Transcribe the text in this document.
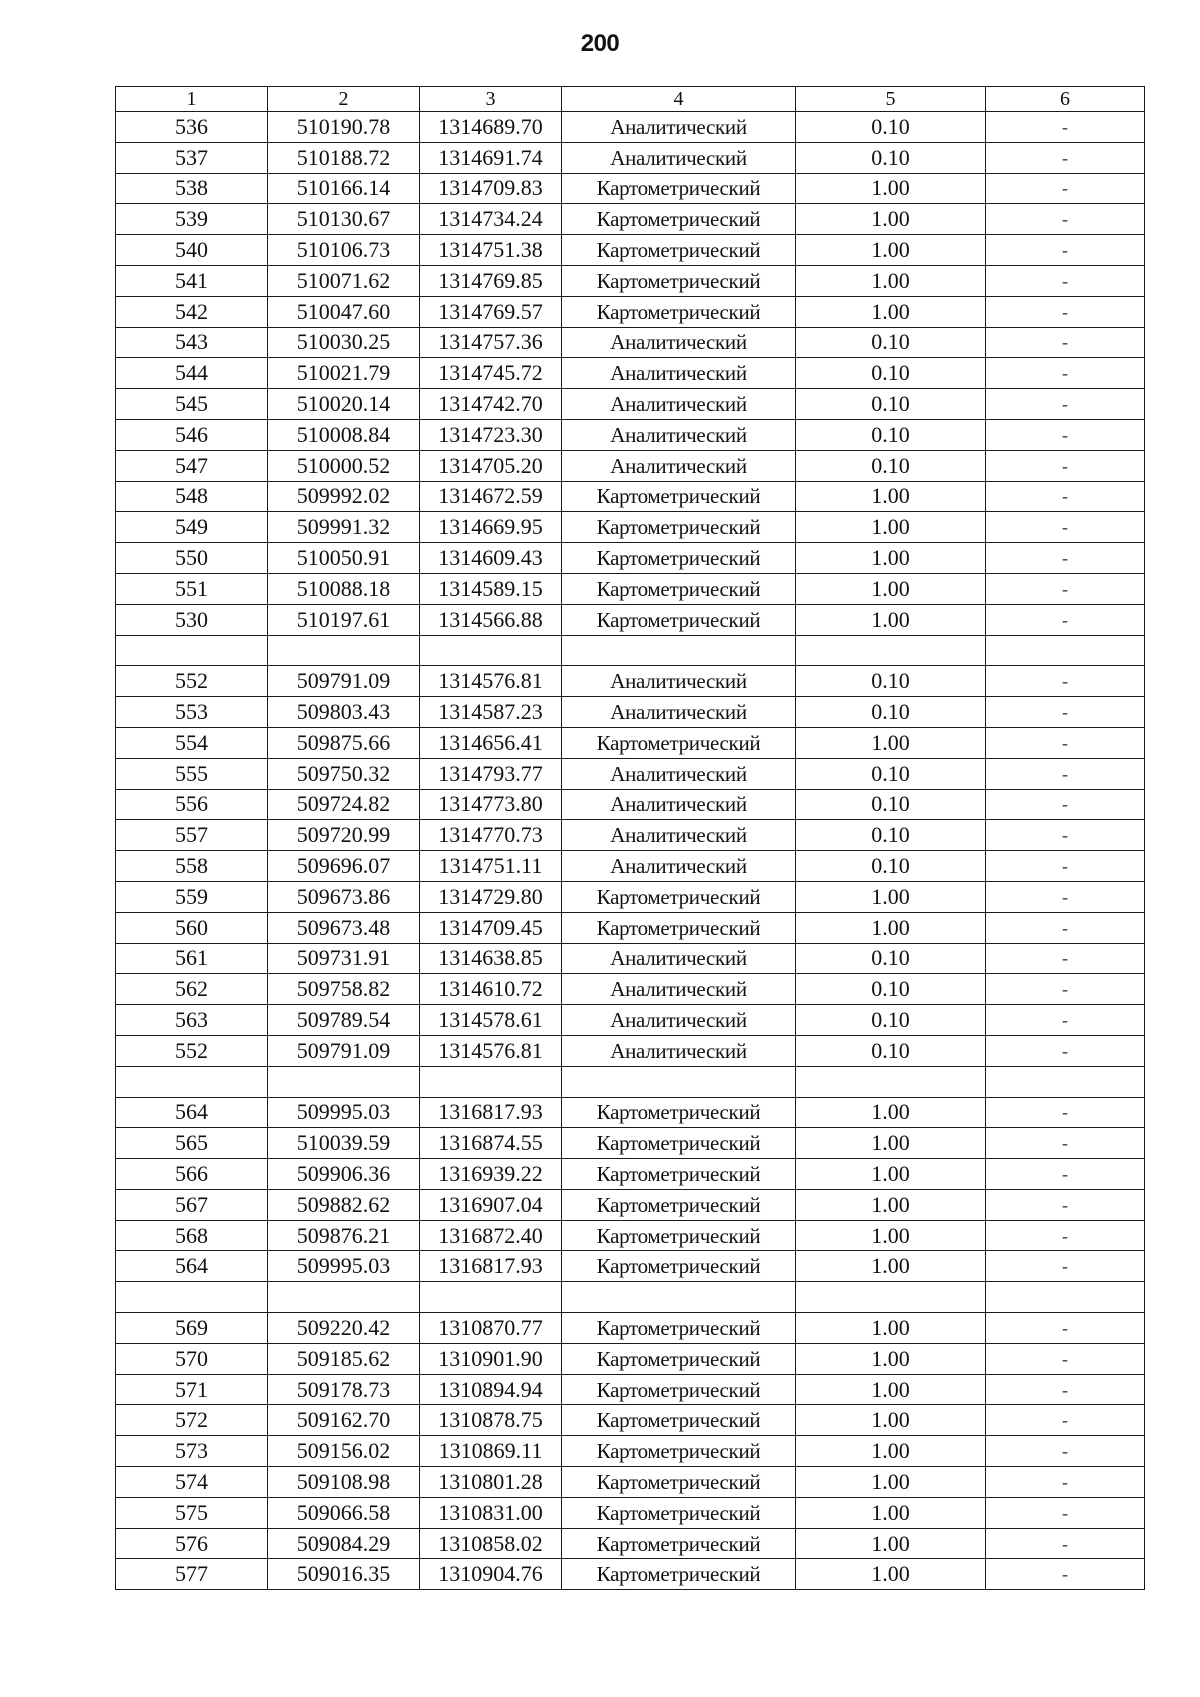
200
1	2	3	4	5	6
536	510190.78	1314689.70	Аналитический	0.10	-
537	510188.72	1314691.74	Аналитический	0.10	-
538	510166.14	1314709.83	Картометрический	1.00	-
539	510130.67	1314734.24	Картометрический	1.00	-
540	510106.73	1314751.38	Картометрический	1.00	-
541	510071.62	1314769.85	Картометрический	1.00	-
542	510047.60	1314769.57	Картометрический	1.00	-
543	510030.25	1314757.36	Аналитический	0.10	-
544	510021.79	1314745.72	Аналитический	0.10	-
545	510020.14	1314742.70	Аналитический	0.10	-
546	510008.84	1314723.30	Аналитический	0.10	-
547	510000.52	1314705.20	Аналитический	0.10	-
548	509992.02	1314672.59	Картометрический	1.00	-
549	509991.32	1314669.95	Картометрический	1.00	-
550	510050.91	1314609.43	Картометрический	1.00	-
551	510088.18	1314589.15	Картометрический	1.00	-
530	510197.61	1314566.88	Картометрический	1.00	-

552	509791.09	1314576.81	Аналитический	0.10	-
553	509803.43	1314587.23	Аналитический	0.10	-
554	509875.66	1314656.41	Картометрический	1.00	-
555	509750.32	1314793.77	Аналитический	0.10	-
556	509724.82	1314773.80	Аналитический	0.10	-
557	509720.99	1314770.73	Аналитический	0.10	-
558	509696.07	1314751.11	Аналитический	0.10	-
559	509673.86	1314729.80	Картометрический	1.00	-
560	509673.48	1314709.45	Картометрический	1.00	-
561	509731.91	1314638.85	Аналитический	0.10	-
562	509758.82	1314610.72	Аналитический	0.10	-
563	509789.54	1314578.61	Аналитический	0.10	-
552	509791.09	1314576.81	Аналитический	0.10	-

564	509995.03	1316817.93	Картометрический	1.00	-
565	510039.59	1316874.55	Картометрический	1.00	-
566	509906.36	1316939.22	Картометрический	1.00	-
567	509882.62	1316907.04	Картометрический	1.00	-
568	509876.21	1316872.40	Картометрический	1.00	-
564	509995.03	1316817.93	Картометрический	1.00	-

569	509220.42	1310870.77	Картометрический	1.00	-
570	509185.62	1310901.90	Картометрический	1.00	-
571	509178.73	1310894.94	Картометрический	1.00	-
572	509162.70	1310878.75	Картометрический	1.00	-
573	509156.02	1310869.11	Картометрический	1.00	-
574	509108.98	1310801.28	Картометрический	1.00	-
575	509066.58	1310831.00	Картометрический	1.00	-
576	509084.29	1310858.02	Картометрический	1.00	-
577	509016.35	1310904.76	Картометрический	1.00	-
